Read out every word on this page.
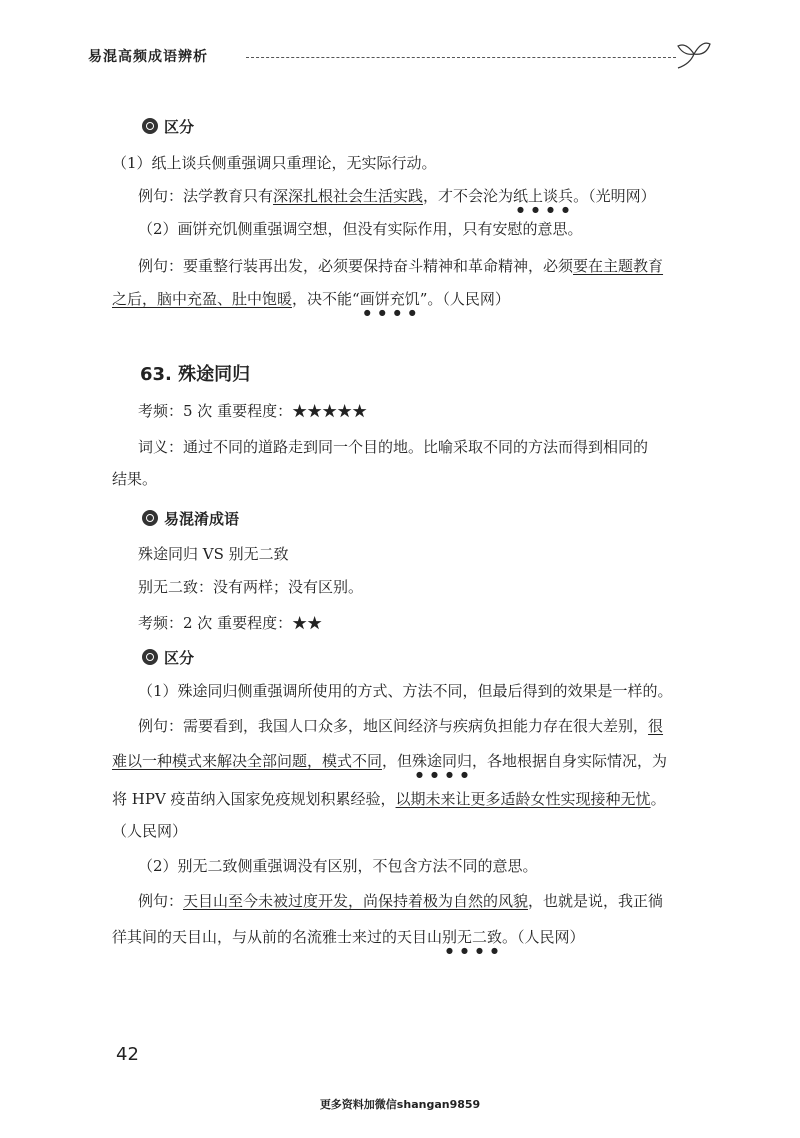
易混高频成语辨析
区分
（1）纸上谈兵侧重强调只重理论，无实际行动。
例句：法学教育只有深深扎根社会生活实践，才不会沦为纸上谈兵。（光明网）
（2）画饼充饥侧重强调空想，但没有实际作用，只有安慰的意思。
例句：要重整行装再出发，必须要保持奋斗精神和革命精神，必须要在主题教育
之后，脑中充盈、肚中饱暖，决不能“画饼充饥”。（人民网）
63. 殊途同归
考频：5 次 重要程度：★★★★★
词义：通过不同的道路走到同一个目的地。比喻采取不同的方法而得到相同的
结果。
易混淆成语
殊途同归 VS 别无二致
别无二致：没有两样；没有区别。
考频：2 次 重要程度：★★
区分
（1）殊途同归侧重强调所使用的方式、方法不同，但最后得到的效果是一样的。
例句：需要看到，我国人口众多，地区间经济与疾病负担能力存在很大差别，很
难以一种模式来解决全部问题，模式不同，但殊途同归，各地根据自身实际情况，为
将 HPV 疫苗纳入国家免疫规划积累经验，以期未来让更多适龄女性实现接种无忧。
（人民网）
（2）别无二致侧重强调没有区别，不包含方法不同的意思。
例句：天目山至今未被过度开发，尚保持着极为自然的风貌，也就是说，我正徜
徉其间的天目山，与从前的名流雅士来过的天目山别无二致。（人民网）
42
更多资料加微信shangan9859
